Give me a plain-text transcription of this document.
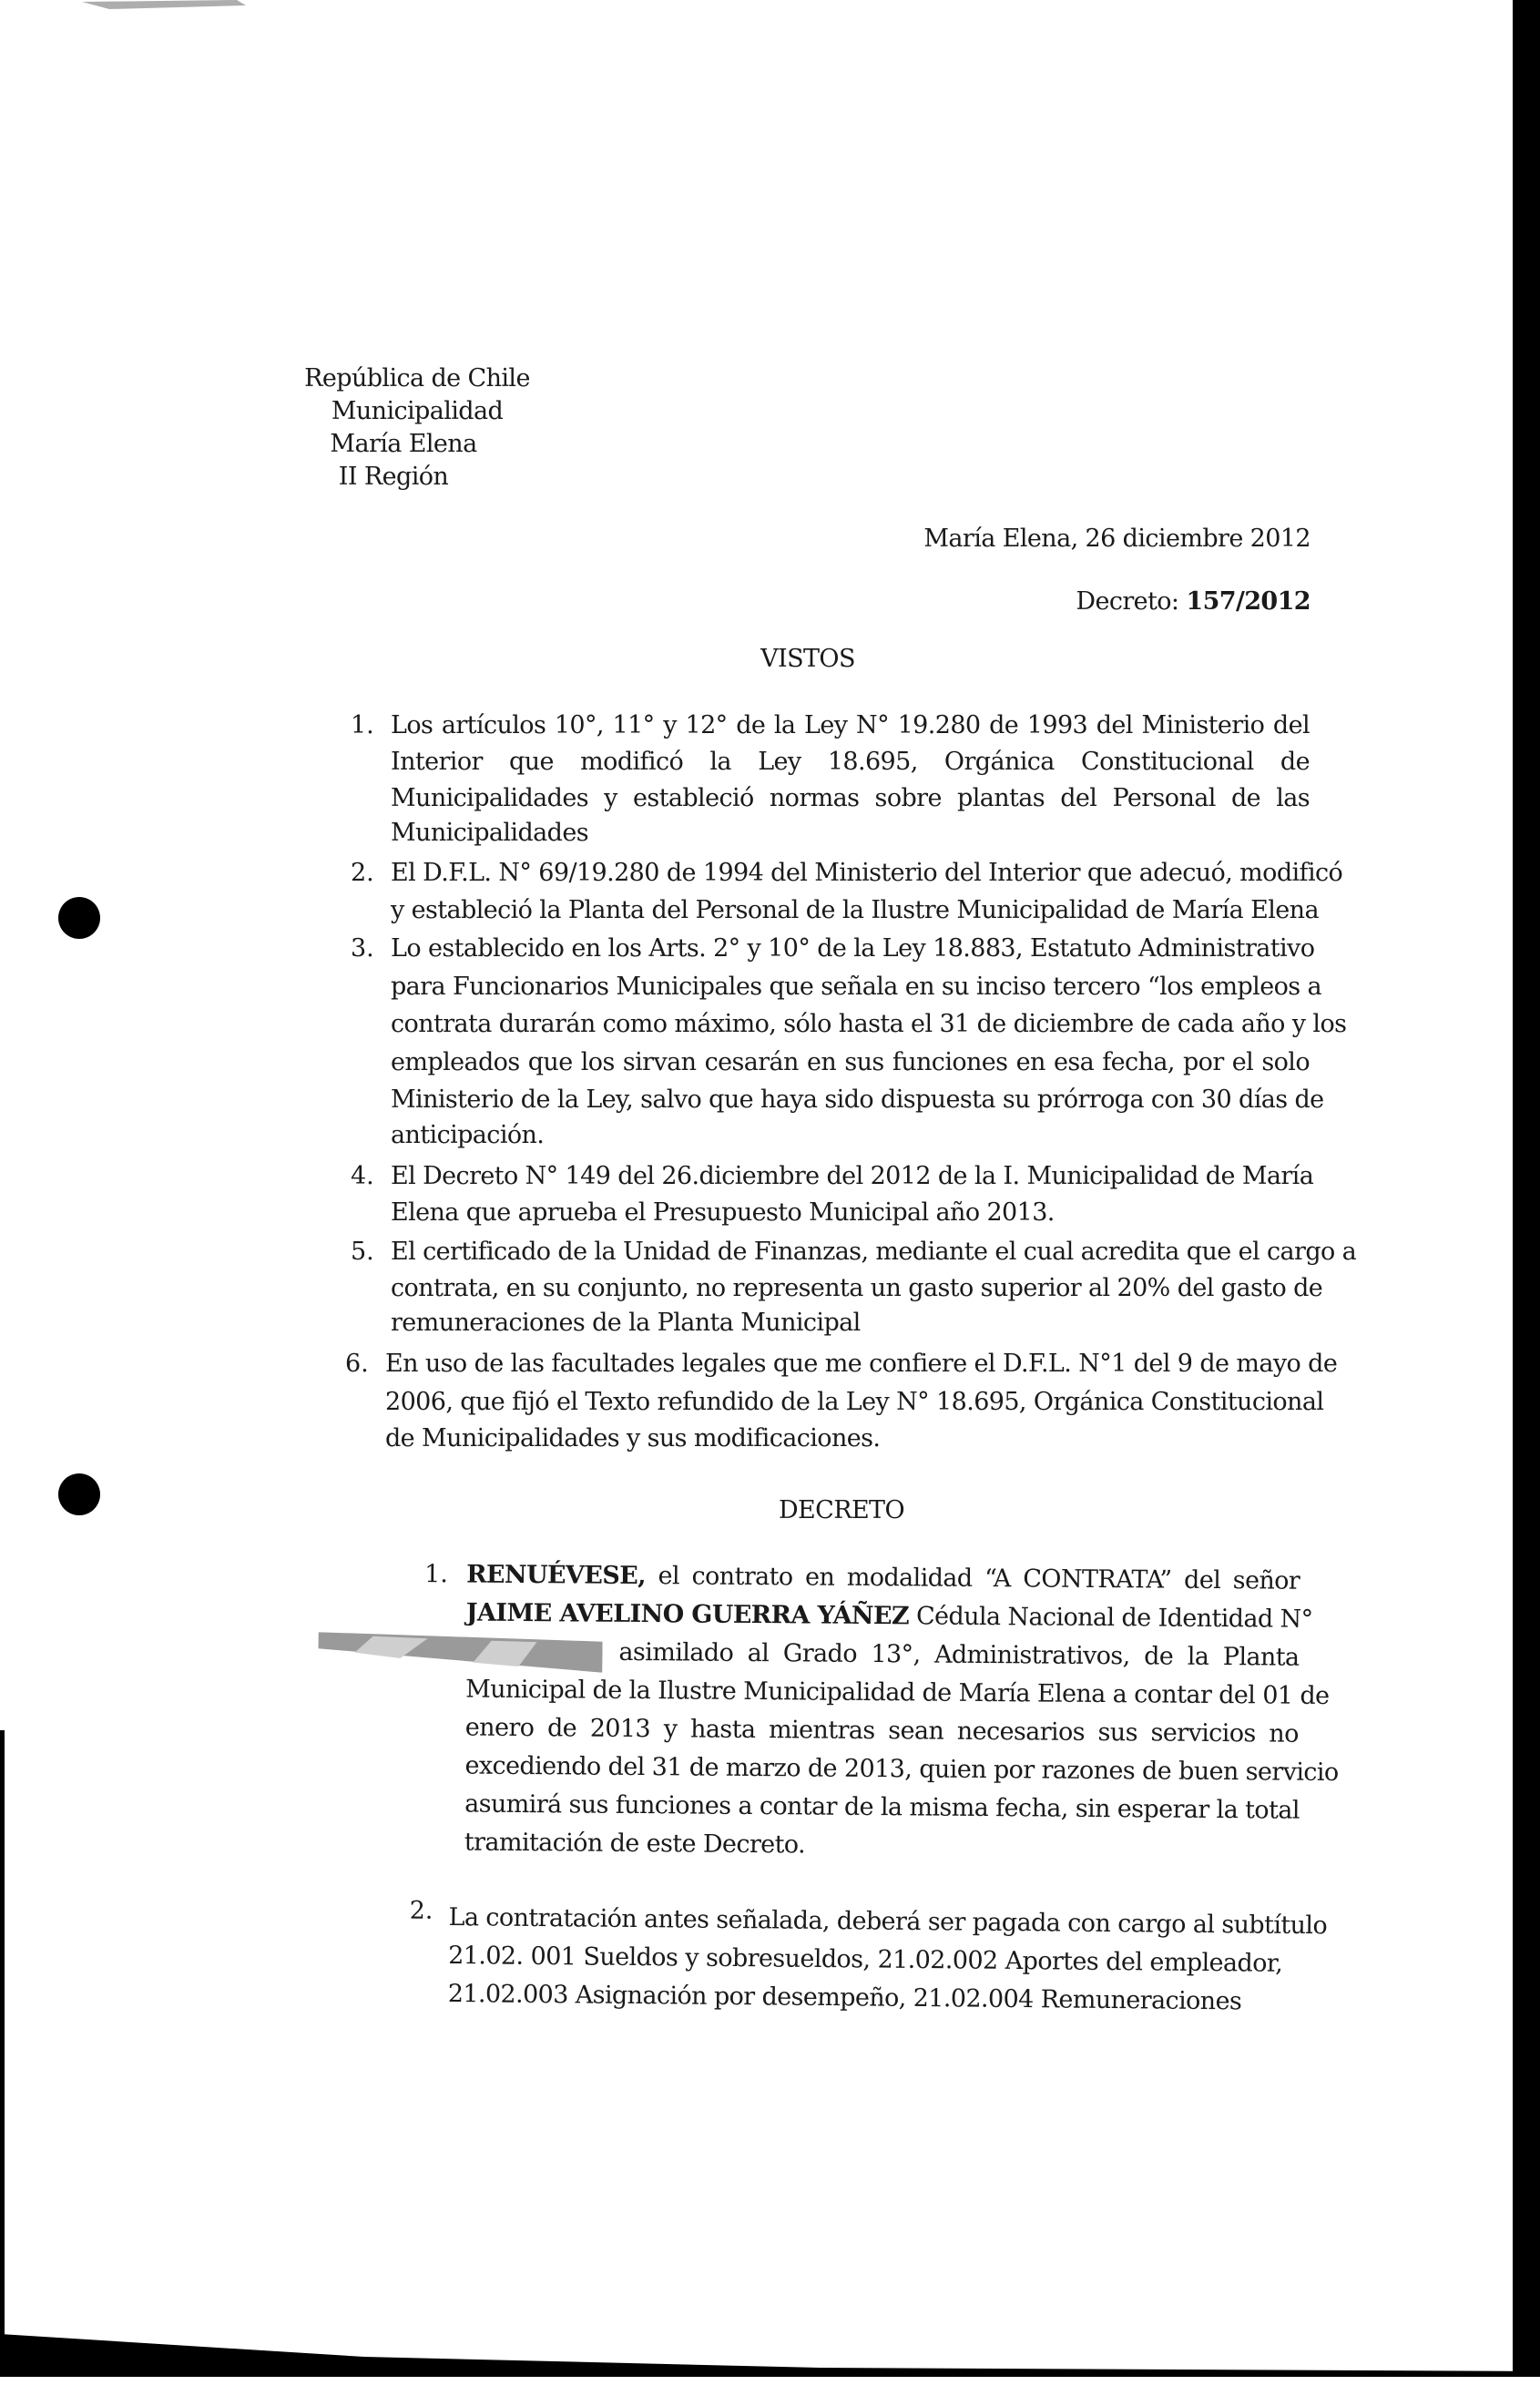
República de Chile
Municipalidad
María Elena
II Región
María Elena, 26 diciembre 2012
Decreto: 157/2012
VISTOS
1. Los artículos 10°, 11° y 12° de la Ley N° 19.280 de 1993 del Ministerio del
Interior que modificó la Ley 18.695, Orgánica Constitucional de
Municipalidades y estableció normas sobre plantas del Personal de las
Municipalidades
2. El D.F.L. N° 69/19.280 de 1994 del Ministerio del Interior que adecuó, modificó
y estableció la Planta del Personal de la Ilustre Municipalidad de María Elena
3. Lo establecido en los Arts. 2° y 10° de la Ley 18.883, Estatuto Administrativo
para Funcionarios Municipales que señala en su inciso tercero “los empleos a
contrata durarán como máximo, sólo hasta el 31 de diciembre de cada año y los
empleados que los sirvan cesarán en sus funciones en esa fecha, por el solo
Ministerio de la Ley, salvo que haya sido dispuesta su prórroga con 30 días de
anticipación.
4. El Decreto N° 149 del 26.diciembre del 2012 de la I. Municipalidad de María
Elena que aprueba el Presupuesto Municipal año 2013.
5. El certificado de la Unidad de Finanzas, mediante el cual acredita que el cargo a
contrata, en su conjunto, no representa un gasto superior al 20% del gasto de
remuneraciones de la Planta Municipal
6. En uso de las facultades legales que me confiere el D.F.L. N°1 del 9 de mayo de
2006, que fijó el Texto refundido de la Ley N° 18.695, Orgánica Constitucional
de Municipalidades y sus modificaciones.
DECRETO
1. RENUÉVESE, el contrato en modalidad “A CONTRATA” del señor
JAIME AVELINO GUERRA YÁÑEZ Cédula Nacional de Identidad N°
asimilado al Grado 13°, Administrativos, de la Planta
Municipal de la Ilustre Municipalidad de María Elena a contar del 01 de
enero de 2013 y hasta mientras sean necesarios sus servicios no
excediendo del 31 de marzo de 2013, quien por razones de buen servicio
asumirá sus funciones a contar de la misma fecha, sin esperar la total
tramitación de este Decreto.
2. La contratación antes señalada, deberá ser pagada con cargo al subtítulo
21.02. 001 Sueldos y sobresueldos, 21.02.002 Aportes del empleador,
21.02.003 Asignación por desempeño, 21.02.004 Remuneraciones
